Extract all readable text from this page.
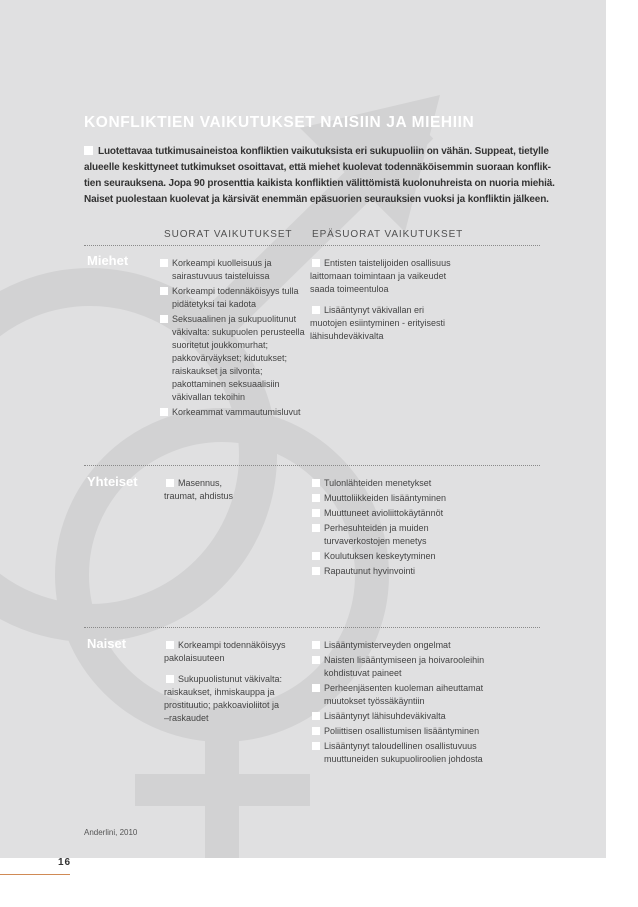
KONFLIKTIEN VAIKUTUKSET NAISIIN JA MIEHIIN
Luotettavaa tutkimusaineistoa konfliktien vaikutuksista eri sukupuoliin on vähän. Suppeat, tietylle
alueelle keskittyneet tutkimukset osoittavat, että miehet kuolevat todennäköisemmin suoraan konflik-
tien seurauksena. Jopa 90 prosenttia kaikista konfliktien välittömistä kuolonuhreista on nuoria miehiä.
Naiset puolestaan kuolevat ja kärsivät enemmän epäsuorien seurauksien vuoksi ja konfliktin jälkeen.
SUORAT VAIKUTUKSET EPÄSUORAT VAIKUTUKSET
Miehet
Yhteiset
Naiset
Korkeampi kuolleisuus ja
sairastuvuus taisteluissa
Korkeampi todennäköisyys tulla
pidätetyksi tai kadota
Seksuaalinen ja sukupuolitunut
väkivalta: sukupuolen perusteella
suoritetut joukkomurhat;
pakkovärväykset; kidutukset;
raiskaukset ja silvonta;
pakottaminen seksuaalisiin
väkivallan tekoihin
Korkeammat vammautumisluvut
Entisten taistelijoiden osallisuus
laittomaan toimintaan ja vaikeudet
saada toimeentuloa
Lisääntynyt väkivallan eri
muotojen esiintyminen - erityisesti
lähisuhdeväkivalta
Masennus,
traumat, ahdistus
Tulonlähteiden menetykset
Muuttoliikkeiden lisääntyminen
Muuttuneet avioliittokäytännöt
Perhesuhteiden ja muiden
turvaverkostojen menetys
Koulutuksen keskeytyminen
Rapautunut hyvinvointi
Korkeampi todennäköisyys
pakolaisuuteen
Sukupuolistunut väkivalta:
raiskaukset, ihmiskauppa ja
prostituutio; pakkoavioliitot ja
–raskaudet
Lisääntymisterveyden ongelmat
Naisten lisääntymiseen ja hoivarooleihin
kohdistuvat paineet
Perheenjäsenten kuoleman aiheuttamat
muutokset työssäkäyntiin
Lisääntynyt lähisuhdeväkivalta
Poliittisen osallistumisen lisääntyminen
Lisääntynyt taloudellinen osallistuvuus
muuttuneiden sukupuoliroolien johdosta
Anderlini, 2010
16
